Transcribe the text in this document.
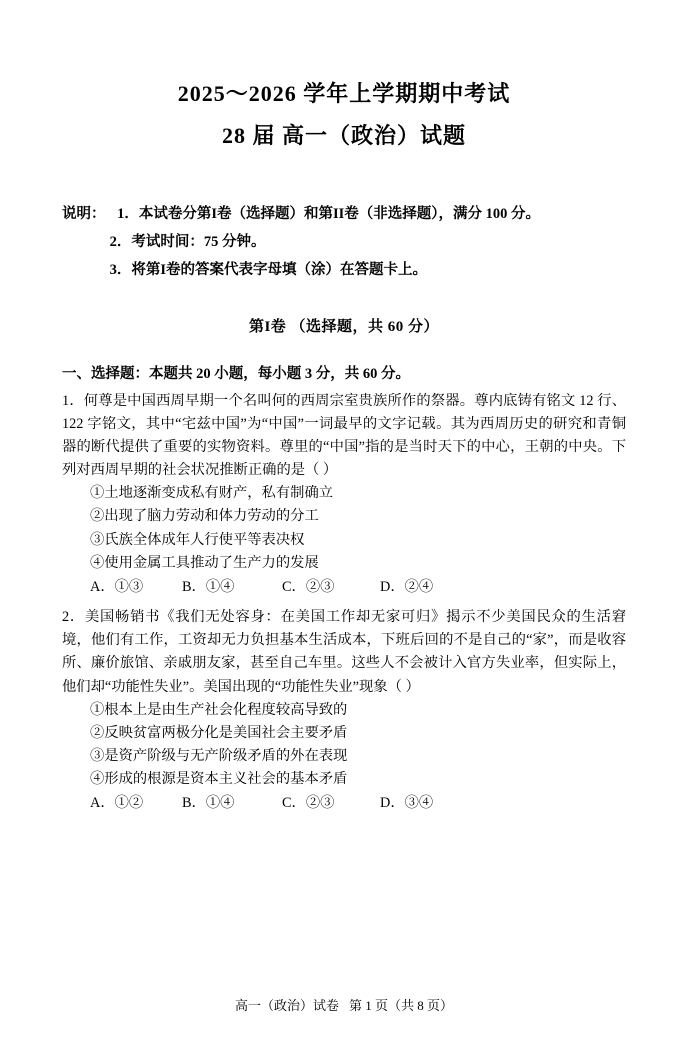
2025～2026 学年上学期期中考试
28 届 高一（政治）试题
说明： 1．本试卷分第I卷（选择题）和第II卷（非选择题），满分 100 分。
2．考试时间：75 分钟。
3．将第I卷的答案代表字母填（涂）在答题卡上。
第I卷 （选择题，共 60 分）
一、选择题：本题共 20 小题，每小题 3 分，共 60 分。
1．何尊是中国西周早期一个名叫何的西周宗室贵族所作的祭器。尊内底铸有铭文 12 行、122 字铭文，其中“宅兹中国”为“中国”一词最早的文字记载。其为西周历史的研究和青铜器的断代提供了重要的实物资料。尊里的“中国”指的是当时天下的中心，王朝的中央。下列对西周早期的社会状况推断正确的是（ ）
①土地逐渐变成私有财产，私有制确立
②出现了脑力劳动和体力劳动的分工
③氏族全体成年人行使平等表决权
④使用金属工具推动了生产力的发展
A．①③	B．①④	C．②③	D．②④
2．美国畅销书《我们无处容身：在美国工作却无家可归》揭示不少美国民众的生活窘境，他们有工作，工资却无力负担基本生活成本，下班后回的不是自己的“家”，而是收容所、廉价旅馆、亲戚朋友家，甚至自己车里。这些人不会被计入官方失业率，但实际上，他们却“功能性失业”。美国出现的“功能性失业”现象（ ）
①根本上是由生产社会化程度较高导致的
②反映贫富两极分化是美国社会主要矛盾
③是资产阶级与无产阶级矛盾的外在表现
④形成的根源是资本主义社会的基本矛盾
A．①②	B．①④	C．②③	D．③④
高一（政治）试卷 第 1 页（共 8 页）
